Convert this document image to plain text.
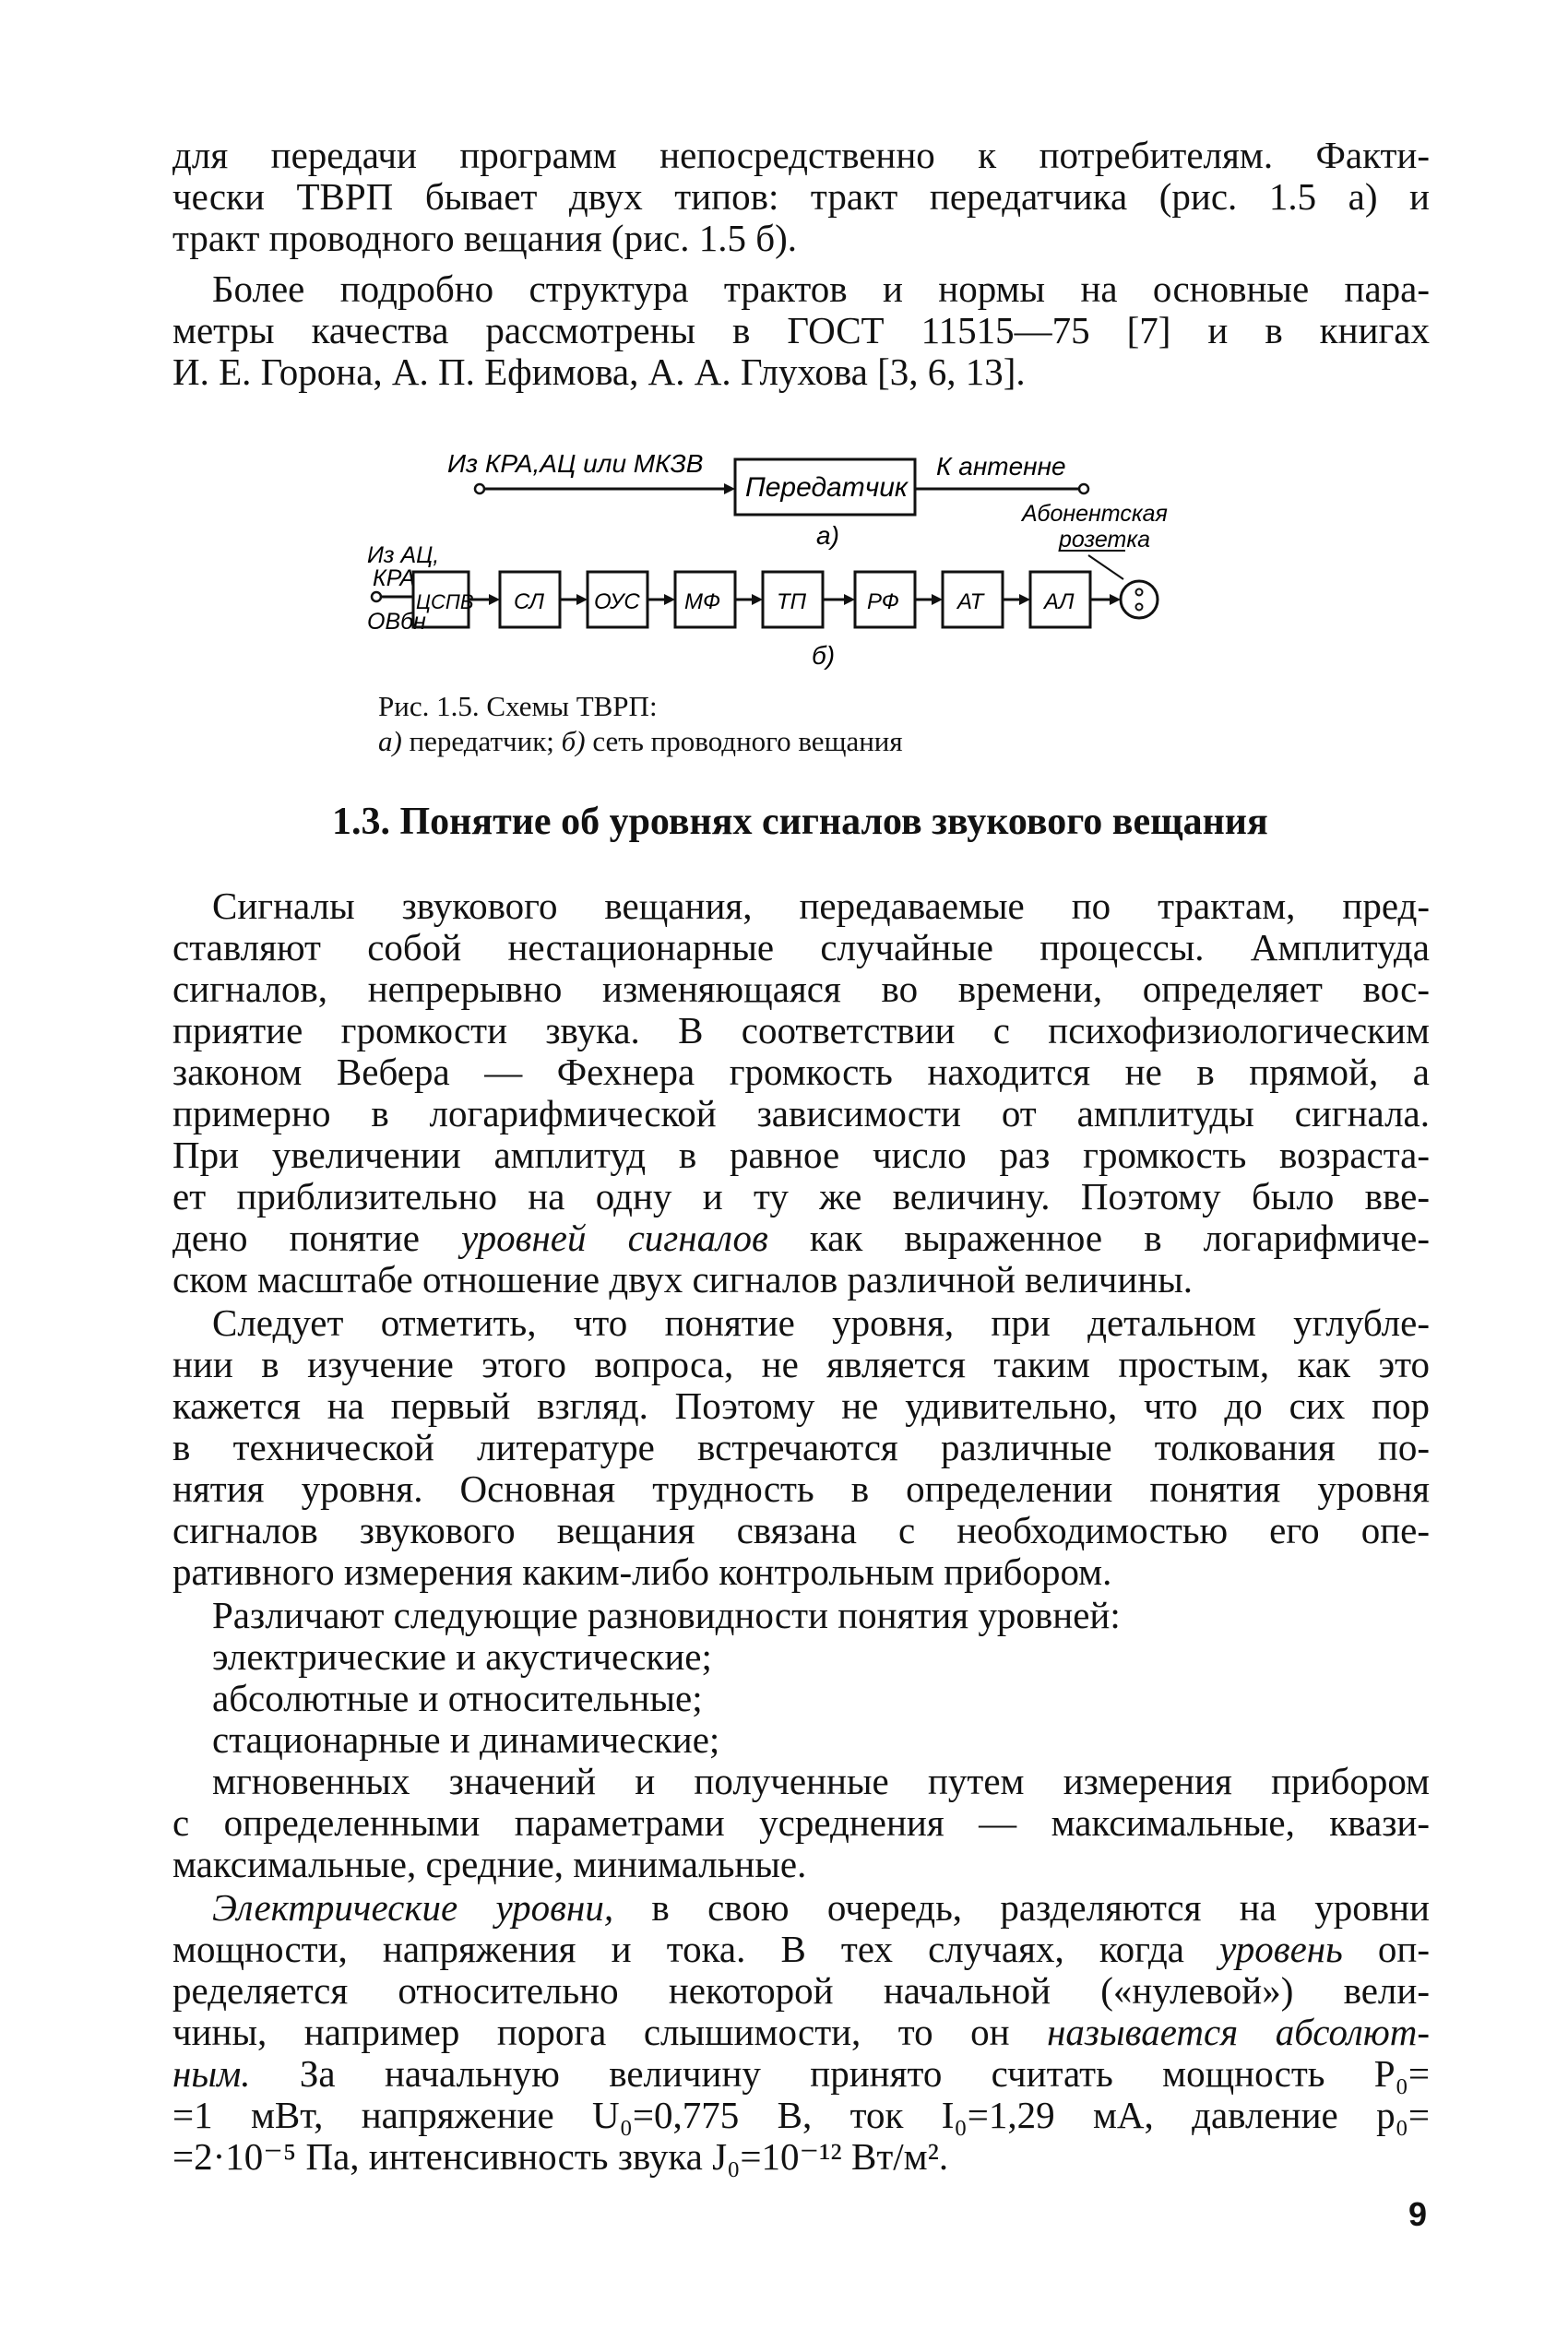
для передачи программ непосредственно к потребителям. Факти-

чески ТВРП бывает двух типов: тракт передатчика (рис. 1.5 а) и

тракт проводного вещания (рис. 1.5 б).

Более подробно структура трактов и нормы на основные пара-

метры качества рассмотрены в ГОСТ 11515—75 [7] и в книгах

И. Е. Горона, А. П. Ефимова, А. А. Глухова [3, 6, 13].

Из КРА,АЦ или МКЗВ
Передатчик
К антенне
а)
Абонентская
розетка
Из АЦ,
КРА
ОВбн
ЦСПВ СЛ ОУС МФ	ТП	РФ	АТ	АЛ
б)
Рис. 1.5. Схемы ТВРП:
а) передатчик; б) сеть проводного вещания
1.3. Понятие об уровнях сигналов звукового вещания

Сигналы звукового вещания, передаваемые по трактам, пред-

ставляют собой нестационарные случайные процессы. Амплитуда

сигналов, непрерывно изменяющаяся во времени, определяет вос-

приятие громкости звука. В соответствии с психофизиологическим

законом Вебера — Фехнера громкость находится не в прямой, а

примерно в логарифмической зависимости от амплитуды сигнала.

При увеличении амплитуд в равное число раз громкость возраста-

ет приблизительно на одну и ту же величину. Поэтому было вве-

дено понятие уровней сигналов как выраженное в логарифмиче-

ском масштабе отношение двух сигналов различной величины.

Следует отметить, что понятие уровня, при детальном углубле-

нии в изучение этого вопроса, не является таким простым, как это

кажется на первый взгляд. Поэтому не удивительно, что до сих пор

в технической литературе встречаются различные толкования по-

нятия уровня. Основная трудность в определении понятия уровня

сигналов звукового вещания связана с необходимостью его опе-

ративного измерения каким-либо контрольным прибором.

Различают следующие разновидности понятия уровней:

электрические и акустические;

абсолютные и относительные;

стационарные и динамические;

мгновенных значений и полученные путем измерения прибором

с определенными параметрами усреднения — максимальные, квази-

максимальные, средние, минимальные.

Электрические уровни, в свою очередь, разделяются на уровни

мощности, напряжения и тока. В тех случаях, когда уровень оп-

ределяется относительно некоторой начальной («нулевой») вели-

чины, например порога слышимости, то он называется абсолют-

ным. За начальную величину принято считать мощность P₀=

=1 мВт, напряжение U₀=0,775 В, ток I₀=1,29 мА, давление p₀=

=2·10⁻⁵ Па, интенсивность звука J₀=10⁻¹² Вт/м².

9
